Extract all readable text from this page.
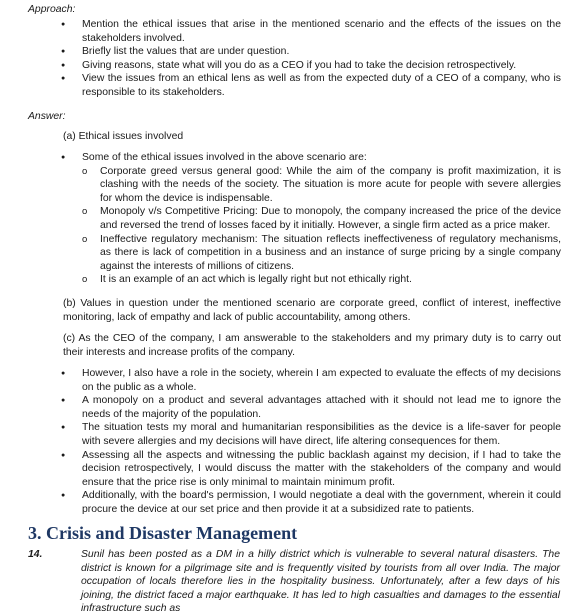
Approach:
● Mention the ethical issues that arise in the mentioned scenario and the effects of the issues on the stakeholders involved.
● Briefly list the values that are under question.
● Giving reasons, state what will you do as a CEO if you had to take the decision retrospectively.
● View the issues from an ethical lens as well as from the expected duty of a CEO of a company, who is responsible to its stakeholders.
Answer:
(a) Ethical issues involved
● Some of the ethical issues involved in the above scenario are:
o Corporate greed versus general good: While the aim of the company is profit maximization, it is clashing with the needs of the society. The situation is more acute for people with severe allergies for whom the device is indispensable.
o Monopoly v/s Competitive Pricing: Due to monopoly, the company increased the price of the device and reversed the trend of losses faced by it initially. However, a single firm acted as a price maker.
o Ineffective regulatory mechanism: The situation reflects ineffectiveness of regulatory mechanisms, as there is lack of competition in a business and an instance of surge pricing by a single company against the interests of millions of citizens.
o It is an example of an act which is legally right but not ethically right.
(b) Values in question under the mentioned scenario are corporate greed, conflict of interest, ineffective monitoring, lack of empathy and lack of public accountability, among others.
(c) As the CEO of the company, I am answerable to the stakeholders and my primary duty is to carry out their interests and increase profits of the company.
● However, I also have a role in the society, wherein I am expected to evaluate the effects of my decisions on the public as a whole.
● A monopoly on a product and several advantages attached with it should not lead me to ignore the needs of the majority of the population.
● The situation tests my moral and humanitarian responsibilities as the device is a life-saver for people with severe allergies and my decisions will have direct, life altering consequences for them.
● Assessing all the aspects and witnessing the public backlash against my decision, if I had to take the decision retrospectively, I would discuss the matter with the stakeholders of the company and would ensure that the price rise is only minimal to maintain minimum profit.
● Additionally, with the board's permission, I would negotiate a deal with the government, wherein it could procure the device at our set price and then provide it at a subsidized rate to patients.
3. Crisis and Disaster Management
14.	Sunil has been posted as a DM in a hilly district which is vulnerable to several natural disasters. The district is known for a pilgrimage site and is frequently visited by tourists from all over India. The major occupation of locals therefore lies in the hospitality business. Unfortunately, after a few days of his joining, the district faced a major earthquake. It has led to high casualties and damages to the essential infrastructure such as
